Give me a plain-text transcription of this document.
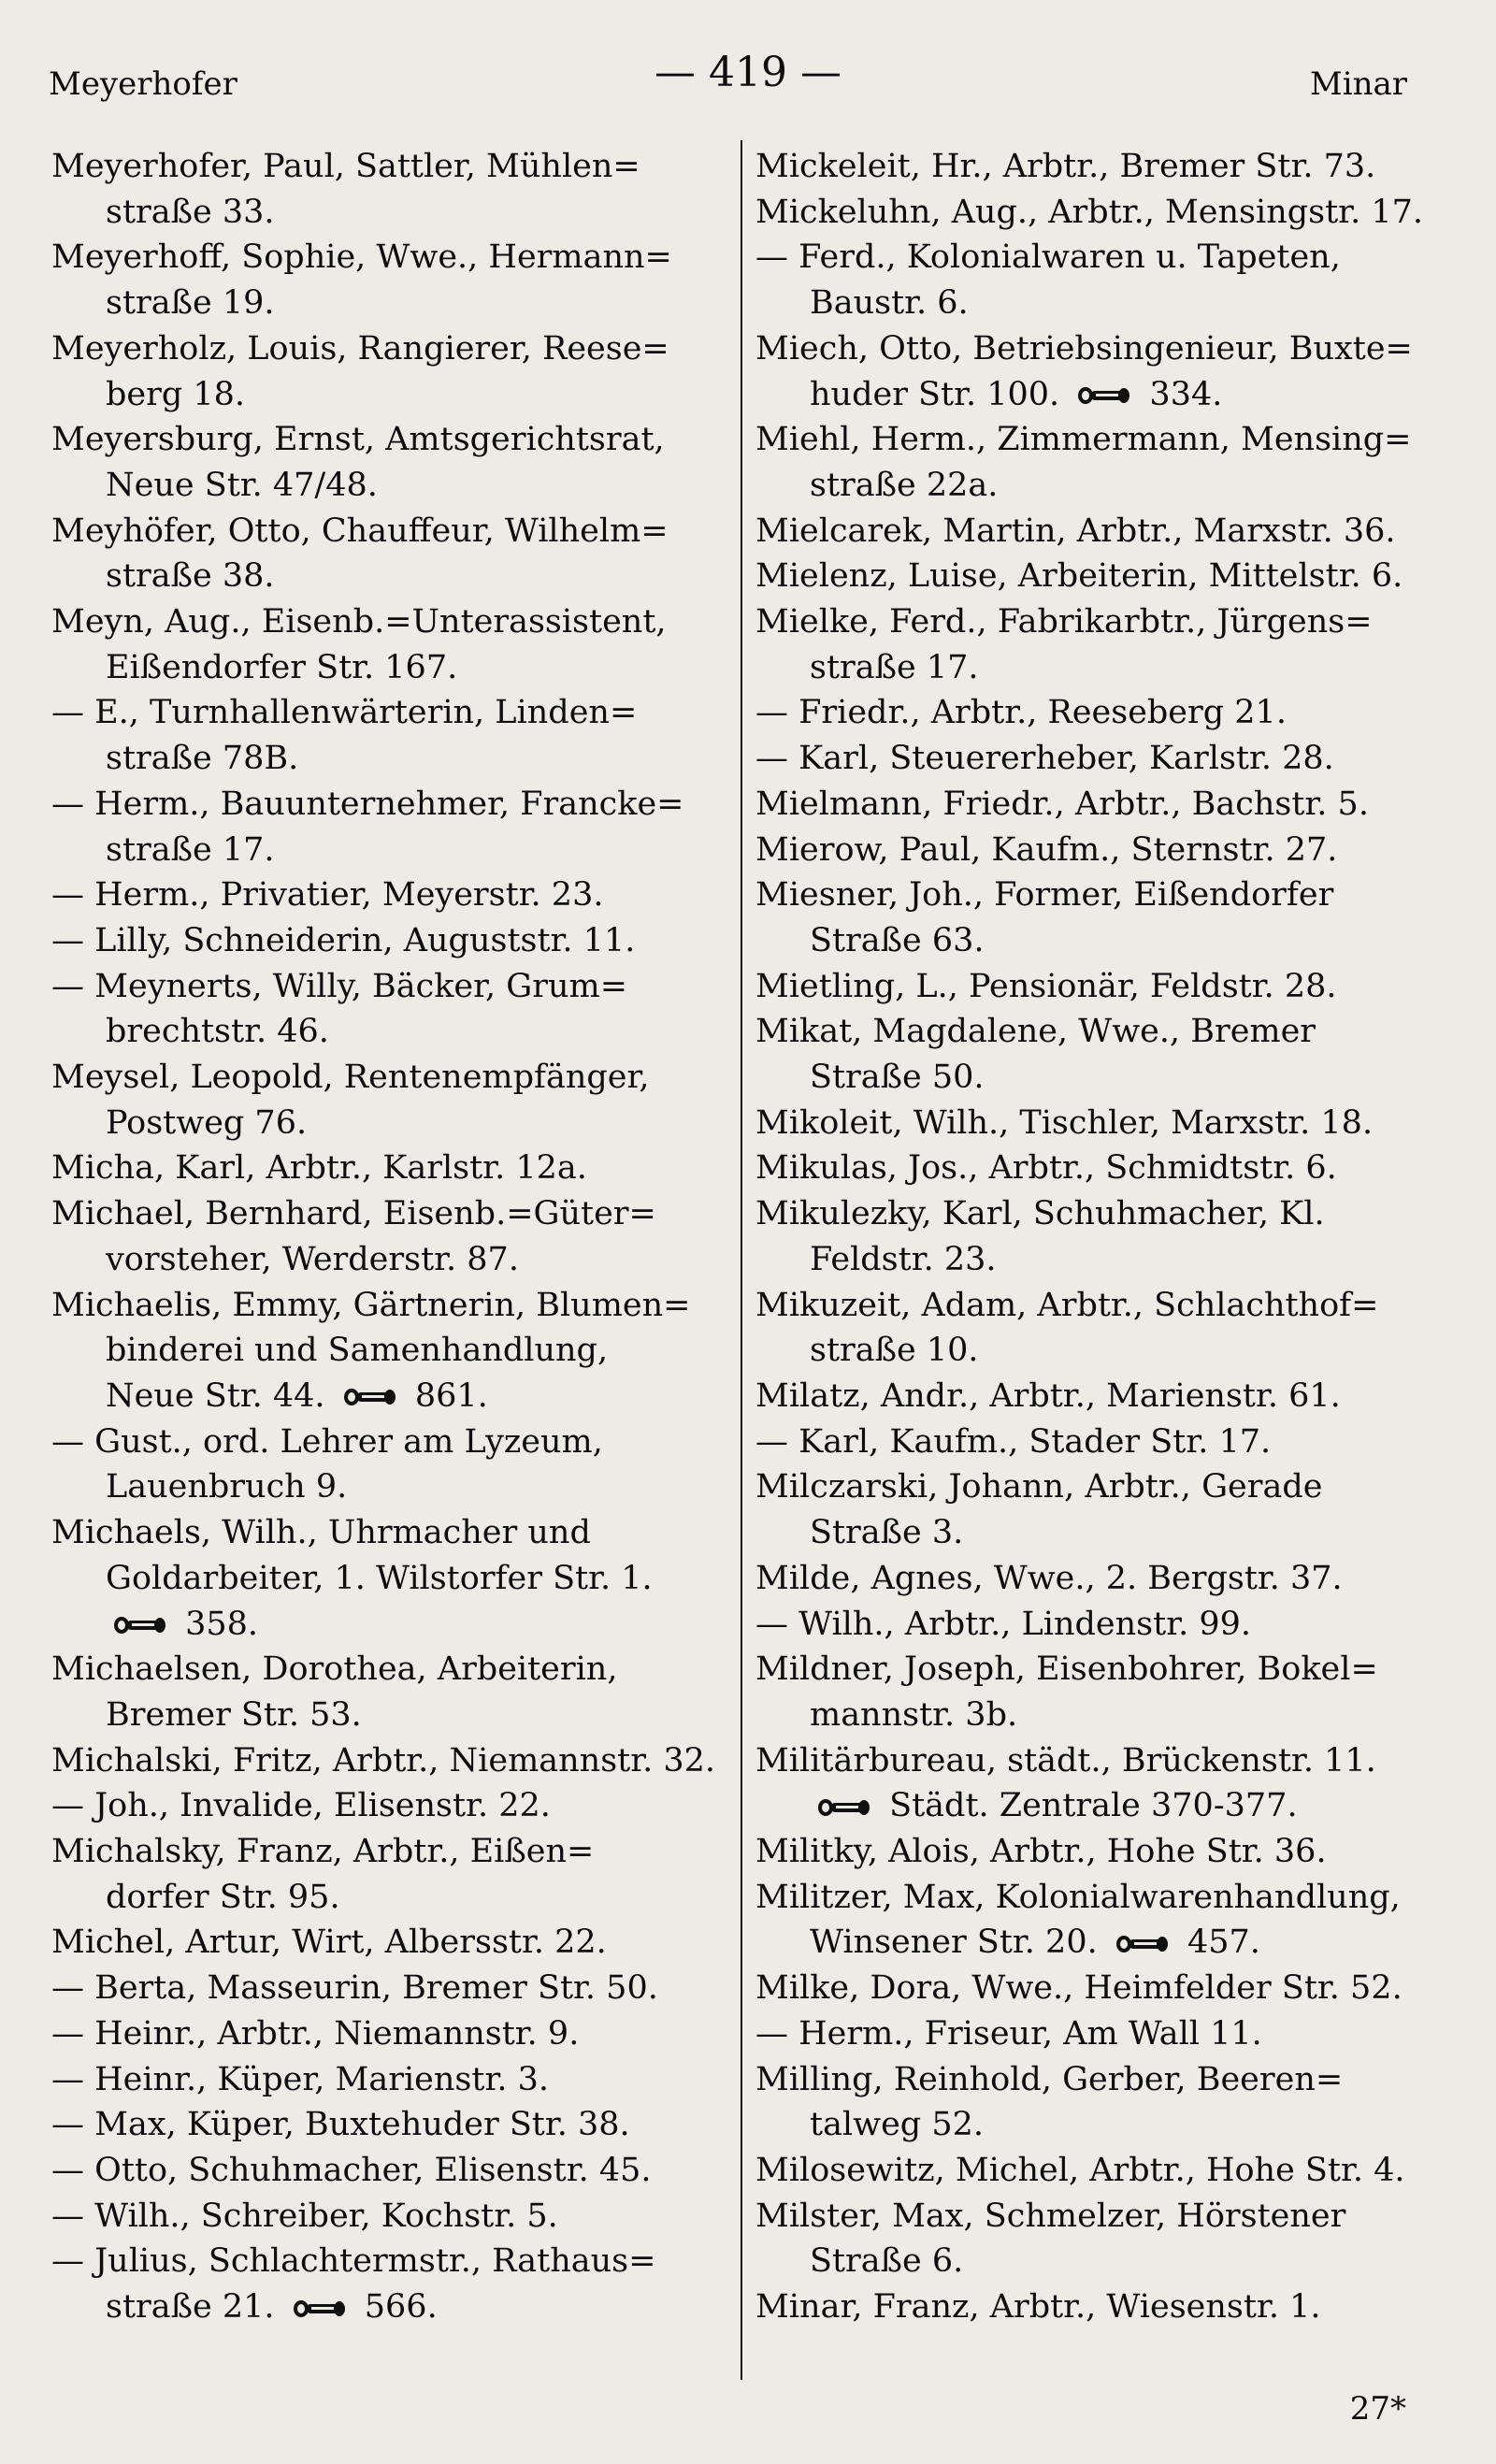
Meyerhofer	— 419 —	Minar
Meyerhofer, Paul, Sattler, Mühlen=
straße 33.
Meyerhoff, Sophie, Wwe., Hermann=
straße 19.
Meyerholz, Louis, Rangierer, Reese=
berg 18.
Meyersburg, Ernst, Amtsgerichtsrat,
Neue Str. 47/48.
Meyhöfer, Otto, Chauffeur, Wilhelm=
straße 38.
Meyn, Aug., Eisenb.=Unterassistent,
Eißendorfer Str. 167.
— E., Turnhallenwärterin, Linden=
straße 78B.
— Herm., Bauunternehmer, Francke=
straße 17.
— Herm., Privatier, Meyerstr. 23.
— Lilly, Schneiderin, Auguststr. 11.
— Meynerts, Willy, Bäcker, Grum=
brechtstr. 46.
Meysel, Leopold, Rentenempfänger,
Postweg 76.
Micha, Karl, Arbtr., Karlstr. 12a.
Michael, Bernhard, Eisenb.=Güter=
vorsteher, Werderstr. 87.
Michaelis, Emmy, Gärtnerin, Blumen=
binderei und Samenhandlung,
Neue Str. 44.  861.
— Gust., ord. Lehrer am Lyzeum,
Lauenbruch 9.
Michaels, Wilh., Uhrmacher und
Goldarbeiter, 1. Wilstorfer Str. 1.
358.
Michaelsen, Dorothea, Arbeiterin,
Bremer Str. 53.
Michalski, Fritz, Arbtr., Niemannstr. 32.
— Joh., Invalide, Elisenstr. 22.
Michalsky, Franz, Arbtr., Eißen=
dorfer Str. 95.
Michel, Artur, Wirt, Albersstr. 22.
— Berta, Masseurin, Bremer Str. 50.
— Heinr., Arbtr., Niemannstr. 9.
— Heinr., Küper, Marienstr. 3.
— Max, Küper, Buxtehuder Str. 38.
— Otto, Schuhmacher, Elisenstr. 45.
— Wilh., Schreiber, Kochstr. 5.
— Julius, Schlachtermstr., Rathaus=
straße 21.  566.
Mickeleit, Hr., Arbtr., Bremer Str. 73.
Mickeluhn, Aug., Arbtr., Mensingstr. 17.
— Ferd., Kolonialwaren u. Tapeten,
Baustr. 6.
Miech, Otto, Betriebsingenieur, Buxte=
huder Str. 100.  334.
Miehl, Herm., Zimmermann, Mensing=
straße 22a.
Mielcarek, Martin, Arbtr., Marxstr. 36.
Mielenz, Luise, Arbeiterin, Mittelstr. 6.
Mielke, Ferd., Fabrikarbtr., Jürgens=
straße 17.
— Friedr., Arbtr., Reeseberg 21.
— Karl, Steuererheber, Karlstr. 28.
Mielmann, Friedr., Arbtr., Bachstr. 5.
Mierow, Paul, Kaufm., Sternstr. 27.
Miesner, Joh., Former, Eißendorfer
Straße 63.
Mietling, L., Pensionär, Feldstr. 28.
Mikat, Magdalene, Wwe., Bremer
Straße 50.
Mikoleit, Wilh., Tischler, Marxstr. 18.
Mikulas, Jos., Arbtr., Schmidtstr. 6.
Mikulezky, Karl, Schuhmacher, Kl.
Feldstr. 23.
Mikuzeit, Adam, Arbtr., Schlachthof=
straße 10.
Milatz, Andr., Arbtr., Marienstr. 61.
— Karl, Kaufm., Stader Str. 17.
Milczarski, Johann, Arbtr., Gerade
Straße 3.
Milde, Agnes, Wwe., 2. Bergstr. 37.
— Wilh., Arbtr., Lindenstr. 99.
Mildner, Joseph, Eisenbohrer, Bokel=
mannstr. 3b.
Militärbureau, städt., Brückenstr. 11.
Städt. Zentrale 370-377.
Militky, Alois, Arbtr., Hohe Str. 36.
Militzer, Max, Kolonialwarenhandlung,
Winsener Str. 20.  457.
Milke, Dora, Wwe., Heimfelder Str. 52.
— Herm., Friseur, Am Wall 11.
Milling, Reinhold, Gerber, Beeren=
talweg 52.
Milosewitz, Michel, Arbtr., Hohe Str. 4.
Milster, Max, Schmelzer, Hörstener
Straße 6.
Minar, Franz, Arbtr., Wiesenstr. 1.
27*
